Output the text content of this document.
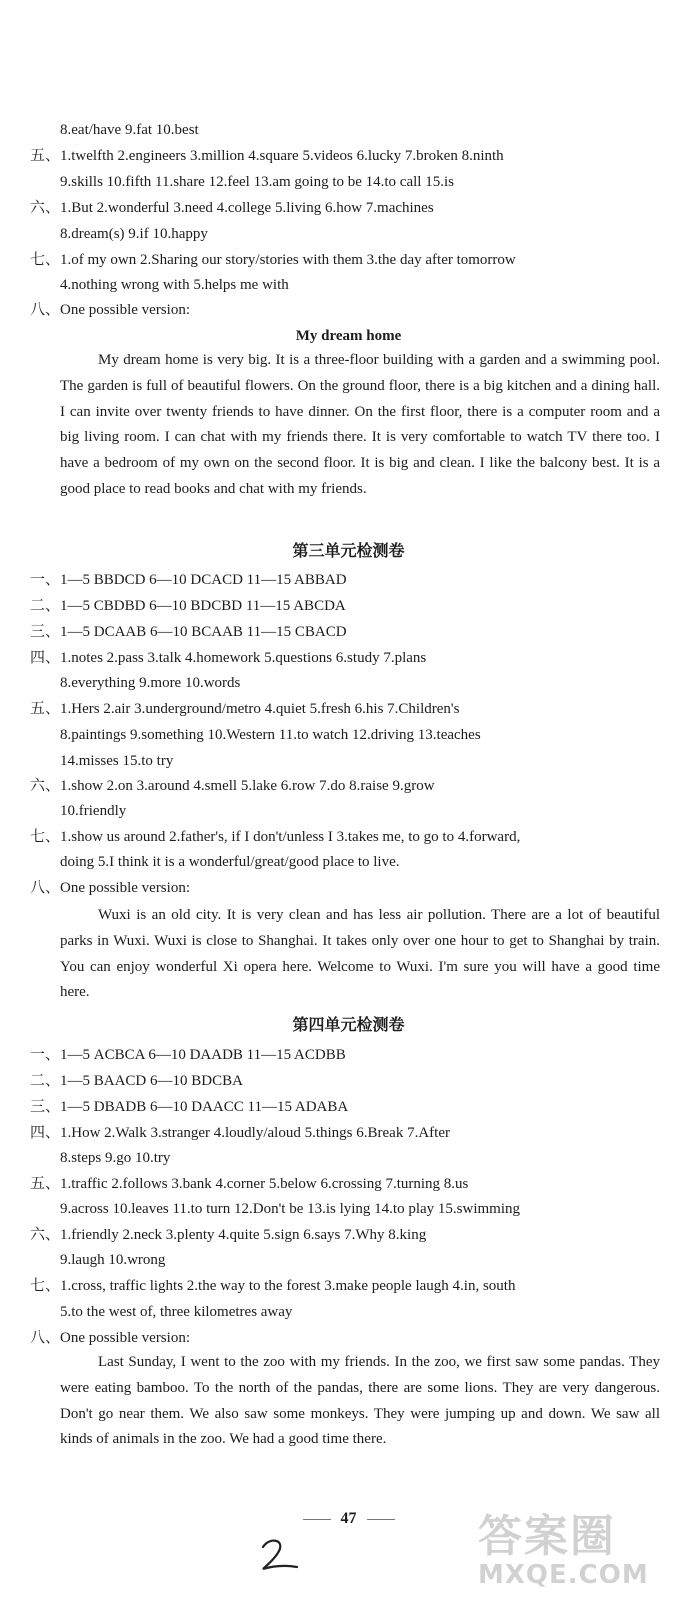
8.eat/have 9.fat 10.best
五、1.twelfth 2.engineers 3.million 4.square 5.videos 6.lucky 7.broken 8.ninth
9.skills 10.fifth 11.share 12.feel 13.am going to be 14.to call 15.is
六、1.But 2.wonderful 3.need 4.college 5.living 6.how 7.machines
8.dream(s) 9.if 10.happy
七、1.of my own 2.Sharing our story/stories with them 3.the day after tomorrow
4.nothing wrong with 5.helps me with
八、One possible version:
My dream home
My dream home is very big. It is a three-floor building with a garden and a swimming pool. The garden is full of beautiful flowers. On the ground floor, there is a big kitchen and a dining hall. I can invite over twenty friends to have dinner. On the first floor, there is a computer room and a big living room. I can chat with my friends there. It is very comfortable to watch TV there too. I have a bedroom of my own on the second floor. It is big and clean. I like the balcony best. It is a good place to read books and chat with my friends.
第三单元检测卷
一、1—5 BBDCD 6—10 DCACD 11—15 ABBAD
二、1—5 CBDBD 6—10 BDCBD 11—15 ABCDA
三、1—5 DCAAB 6—10 BCAAB 11—15 CBACD
四、1.notes 2.pass 3.talk 4.homework 5.questions 6.study 7.plans
8.everything 9.more 10.words
五、1.Hers 2.air 3.underground/metro 4.quiet 5.fresh 6.his 7.Children's
8.paintings 9.something 10.Western 11.to watch 12.driving 13.teaches
14.misses 15.to try
六、1.show 2.on 3.around 4.smell 5.lake 6.row 7.do 8.raise 9.grow
10.friendly
七、1.show us around 2.father's, if I don't/unless I 3.takes me, to go to 4.forward,
doing 5.I think it is a wonderful/great/good place to live.
八、One possible version:
Wuxi is an old city. It is very clean and has less air pollution. There are a lot of beautiful parks in Wuxi. Wuxi is close to Shanghai. It takes only over one hour to get to Shanghai by train. You can enjoy wonderful Xi opera here. Welcome to Wuxi. I'm sure you will have a good time here.
第四单元检测卷
一、1—5 ACBCA 6—10 DAADB 11—15 ACDBB
二、1—5 BAACD 6—10 BDCBA
三、1—5 DBADB 6—10 DAACC 11—15 ADABA
四、1.How 2.Walk 3.stranger 4.loudly/aloud 5.things 6.Break 7.After
8.steps 9.go 10.try
五、1.traffic 2.follows 3.bank 4.corner 5.below 6.crossing 7.turning 8.us
9.across 10.leaves 11.to turn 12.Don't be 13.is lying 14.to play 15.swimming
六、1.friendly 2.neck 3.plenty 4.quite 5.sign 6.says 7.Why 8.king
9.laugh 10.wrong
七、1.cross, traffic lights 2.the way to the forest 3.make people laugh 4.in, south
5.to the west of, three kilometres away
八、One possible version:
Last Sunday, I went to the zoo with my friends. In the zoo, we first saw some pandas. They were eating bamboo. To the north of the pandas, there are some lions. They are very dangerous. Don't go near them. We also saw some monkeys. They were jumping up and down. We saw all kinds of animals in the zoo. We had a good time there.
47	答案圈
MXQE.COM
